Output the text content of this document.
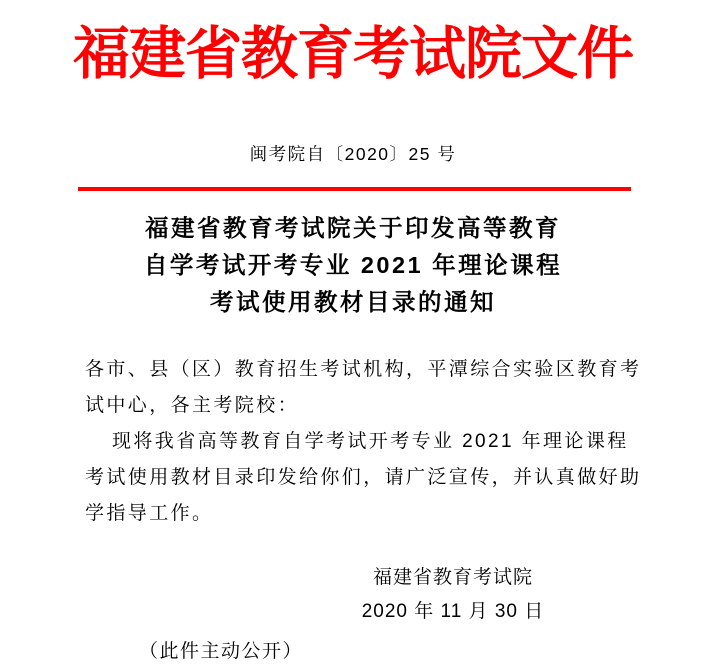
福建省教育考试院文件
闽考院自〔2020〕25 号
福建省教育考试院关于印发高等教育
自学考试开考专业 2021 年理论课程
考试使用教材目录的通知
各市、县（区）教育招生考试机构，平潭综合实验区教育考
试中心，各主考院校：
现将我省高等教育自学考试开考专业 2021 年理论课程
考试使用教材目录印发给你们，请广泛宣传，并认真做好助
学指导工作。
福建省教育考试院
2020 年 11 月 30 日
（此件主动公开）
